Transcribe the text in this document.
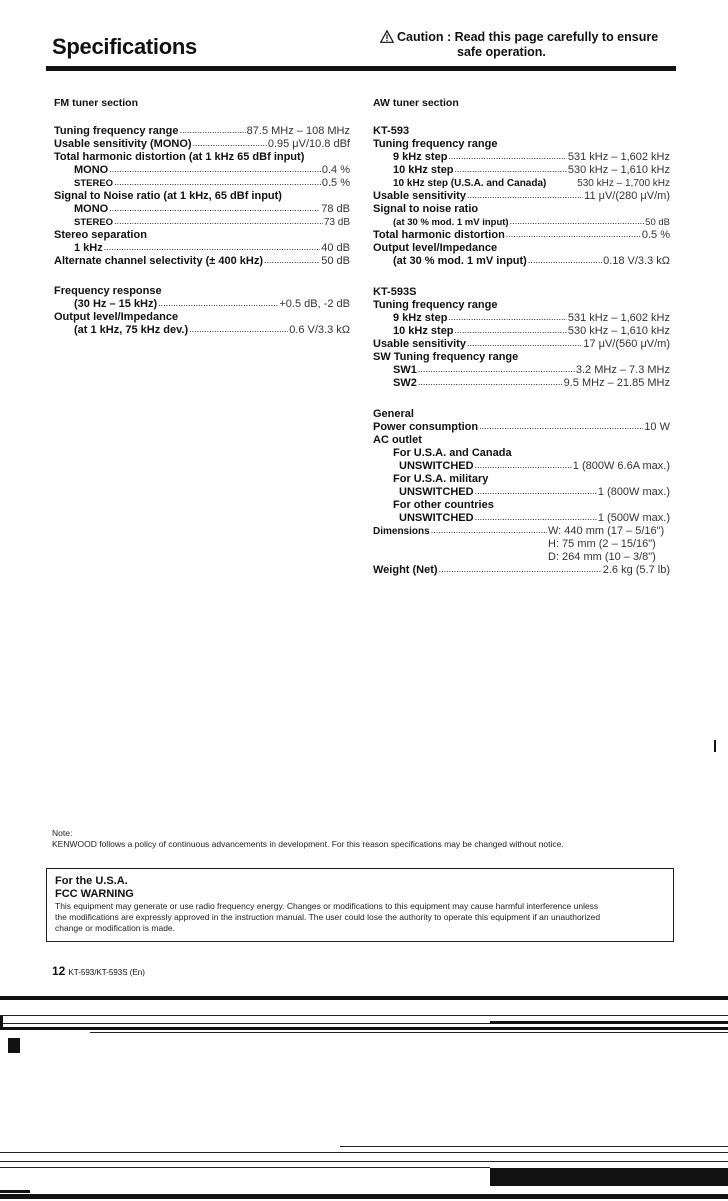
Specifications	Caution : Read this page carefully to ensure
safe operation.
FM tuner section
Tuning frequency range .....	87.5 MHz – 108 MHz
Usable sensitivity (MONO) .....	0.95 μV/10.8 dBf
Total harmonic distortion (at 1 kHz 65 dBf input)
MONO .....	0.4 %
STEREO .....	0.5 %
Signal to Noise ratio (at 1 kHz, 65 dBf input)
MONO .....	78 dB
STEREO .....	73 dB
Stereo separation
1 kHz .....	40 dB
Alternate channel selectivity (± 400 kHz) .....	50 dB
Frequency response
(30 Hz – 15 kHz) .....	+0.5 dB, -2 dB
Output level/Impedance
(at 1 kHz, 75 kHz dev.) .....	0.6 V/3.3 kΩ
AW tuner section
KT-593
Tuning frequency range
9 kHz step .....	531 kHz – 1,602 kHz
10 kHz step .....	530 kHz – 1,610 kHz
10 kHz step (U.S.A. and Canada)	530 kHz – 1,700 kHz
Usable sensitivity .....	11 μV/(280 μV/m)
Signal to noise ratio
(at 30 % mod. 1 mV input) .....	50 dB
Total harmonic distortion .....	0.5 %
Output level/Impedance
(at 30 % mod. 1 mV input) .....	0.18 V/3.3 kΩ
KT-593S
Tuning frequency range
9 kHz step .....	531 kHz – 1,602 kHz
10 kHz step .....	530 kHz – 1,610 kHz
Usable sensitivity .....	17 μV/(560 μV/m)
SW Tuning frequency range
SW1 .....	3.2 MHz – 7.3 MHz
SW2 .....	9.5 MHz – 21.85 MHz
General
Power consumption .....	10 W
AC outlet
For U.S.A. and Canada
UNSWITCHED .....	1 (800W 6.6A max.)
For U.S.A. military
UNSWITCHED .....	1 (800W max.)
For other countries
UNSWITCHED .....	1 (500W max.)
Dimensions .....	W: 440 mm (17 – 5/16")
H: 75 mm (2 – 15/16")
D: 264 mm (10 – 3/8")
Weight (Net) .....	2.6 kg (5.7 lb)
Note:
KENWOOD follows a policy of continuous advancements in development. For this reason specifications may be changed without notice.
For the U.S.A.
FCC WARNING
This equipment may generate or use radio frequency energy. Changes or modifications to this equipment may cause harmful interference unless
the modifications are expressly approved in the instruction manual. The user could lose the authority to operate this equipment if an unauthorized
change or modification is made.
12 KT-593/KT-593S (En)
